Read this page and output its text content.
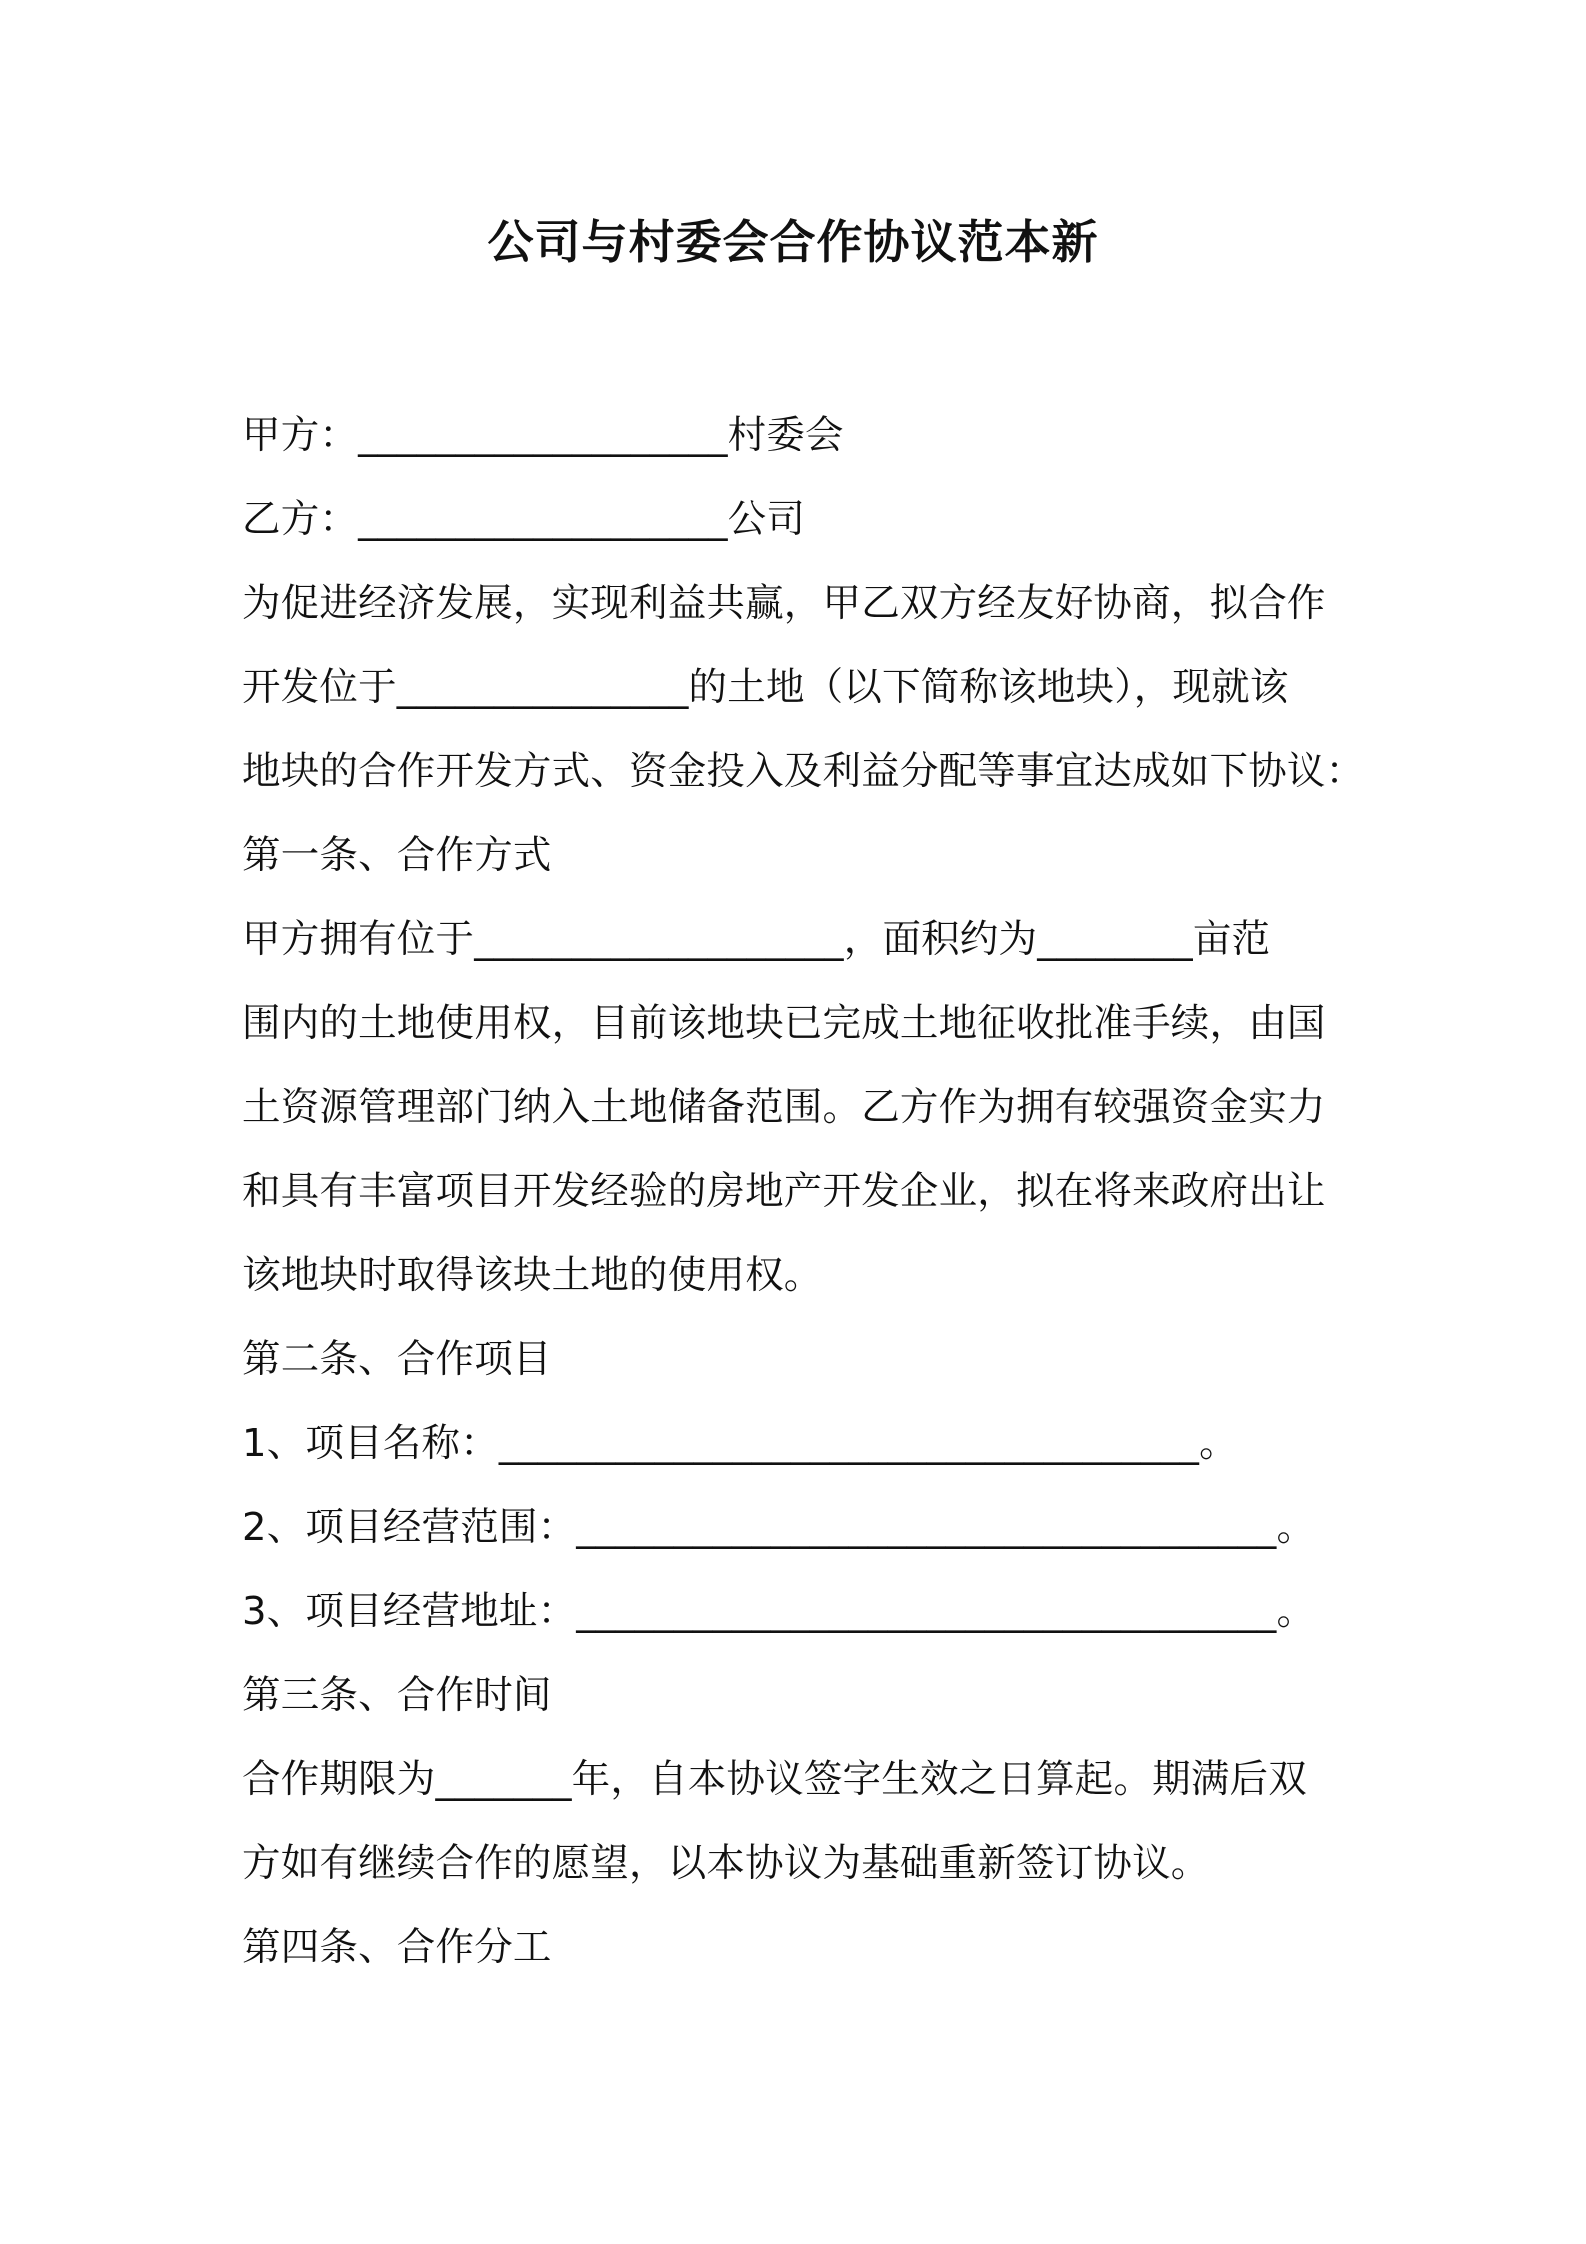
公司与村委会合作协议范本新
甲方：___________________村委会
乙方：___________________公司
为促进经济发展，实现利益共赢，甲乙双方经友好协商，拟合作
开发位于_______________的土地（以下简称该地块），现就该
地块的合作开发方式、资金投入及利益分配等事宜达成如下协议：
第一条、合作方式
甲方拥有位于___________________，面积约为________亩范
围内的土地使用权，目前该地块已完成土地征收批准手续，由国
土资源管理部门纳入土地储备范围。乙方作为拥有较强资金实力
和具有丰富项目开发经验的房地产开发企业，拟在将来政府出让
该地块时取得该块土地的使用权。
第二条、合作项目
1、项目名称：____________________________________。
2、项目经营范围：____________________________________。
3、项目经营地址：____________________________________。
第三条、合作时间
合作期限为_______年，自本协议签字生效之日算起。期满后双
方如有继续合作的愿望，以本协议为基础重新签订协议。
第四条、合作分工
